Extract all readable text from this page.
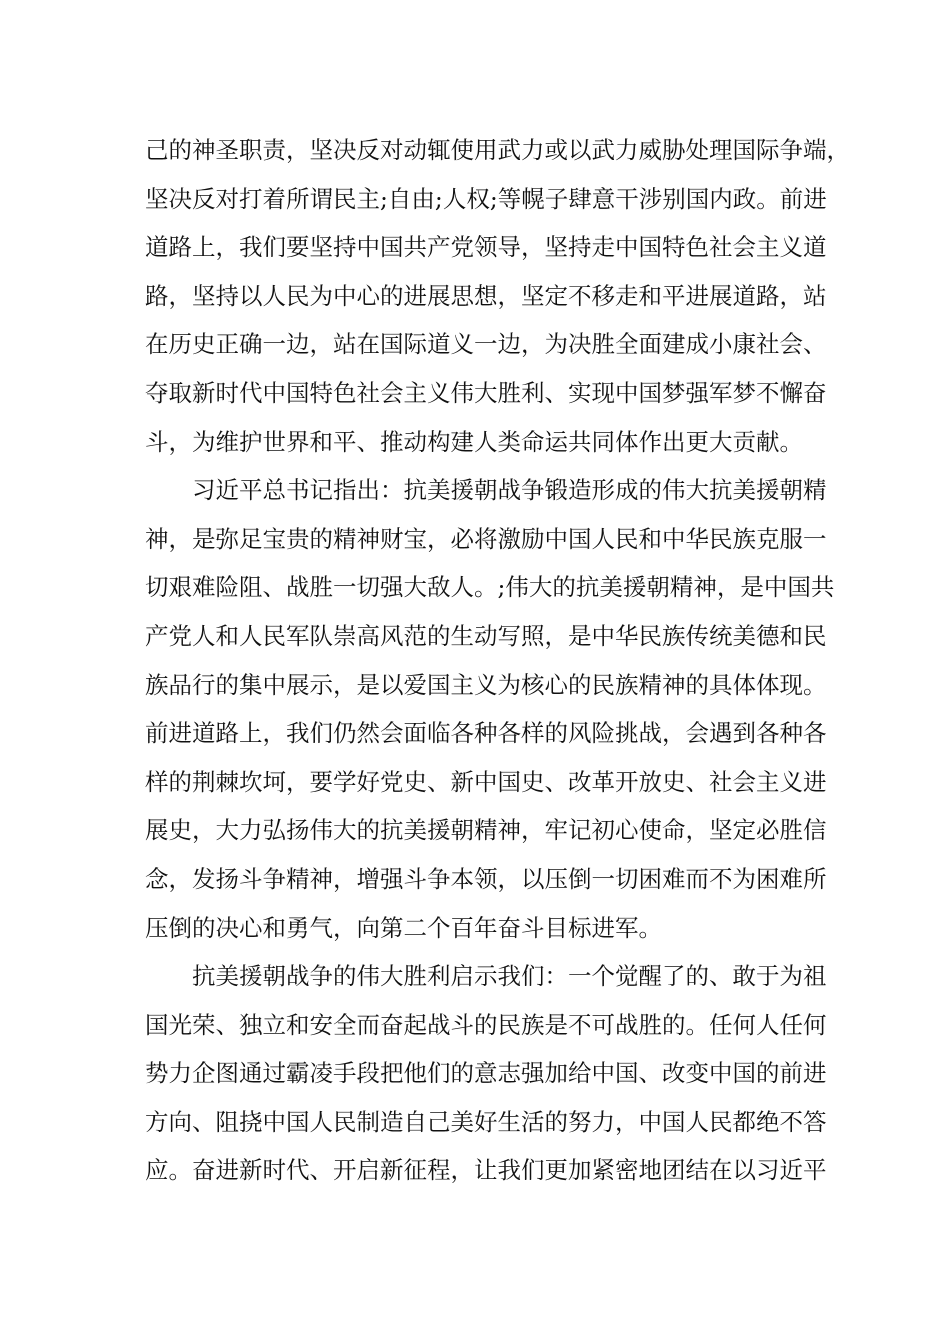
己的神圣职责，坚决反对动辄使用武力或以武力威胁处理国际争端，
坚决反对打着所谓民主;自由;人权;等幌子肆意干涉别国内政。前进
道路上，我们要坚持中国共产党领导，坚持走中国特色社会主义道
路，坚持以人民为中心的进展思想，坚定不移走和平进展道路，站
在历史正确一边，站在国际道义一边，为决胜全面建成小康社会、
夺取新时代中国特色社会主义伟大胜利、实现中国梦强军梦不懈奋
斗，为维护世界和平、推动构建人类命运共同体作出更大贡献。
习近平总书记指出：抗美援朝战争锻造形成的伟大抗美援朝精
神，是弥足宝贵的精神财宝，必将激励中国人民和中华民族克服一
切艰难险阻、战胜一切强大敌人。;伟大的抗美援朝精神，是中国共
产党人和人民军队崇高风范的生动写照，是中华民族传统美德和民
族品行的集中展示，是以爱国主义为核心的民族精神的具体体现。
前进道路上，我们仍然会面临各种各样的风险挑战，会遇到各种各
样的荆棘坎坷，要学好党史、新中国史、改革开放史、社会主义进
展史，大力弘扬伟大的抗美援朝精神，牢记初心使命，坚定必胜信
念，发扬斗争精神，增强斗争本领，以压倒一切困难而不为困难所
压倒的决心和勇气，向第二个百年奋斗目标进军。
抗美援朝战争的伟大胜利启示我们：一个觉醒了的、敢于为祖
国光荣、独立和安全而奋起战斗的民族是不可战胜的。任何人任何
势力企图通过霸凌手段把他们的意志强加给中国、改变中国的前进
方向、阻挠中国人民制造自己美好生活的努力，中国人民都绝不答
应。奋进新时代、开启新征程，让我们更加紧密地团结在以习近平
